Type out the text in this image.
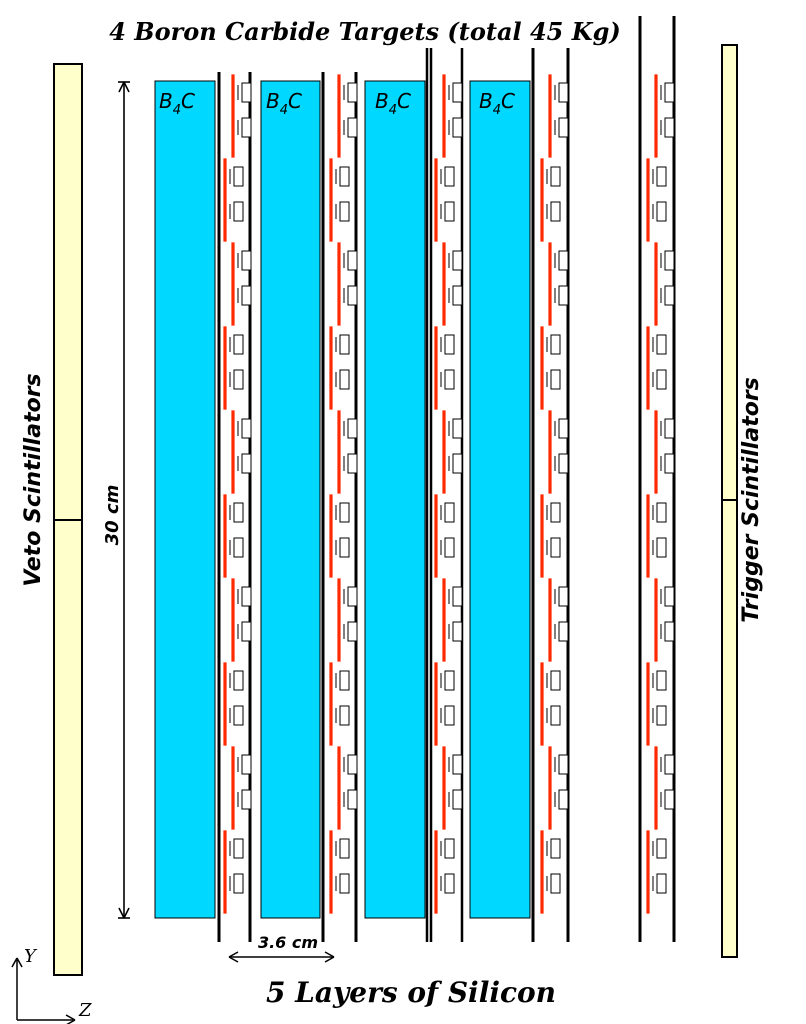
4 Boron Carbide Targets (total 45 Kg)
Veto Scintillators	Trigger Scintillators
30 cm
$B_4C$	$B_4C$	$B_4C$	$B_4C$
3.6 cm
5 Layers of Silicon
Y
Z
